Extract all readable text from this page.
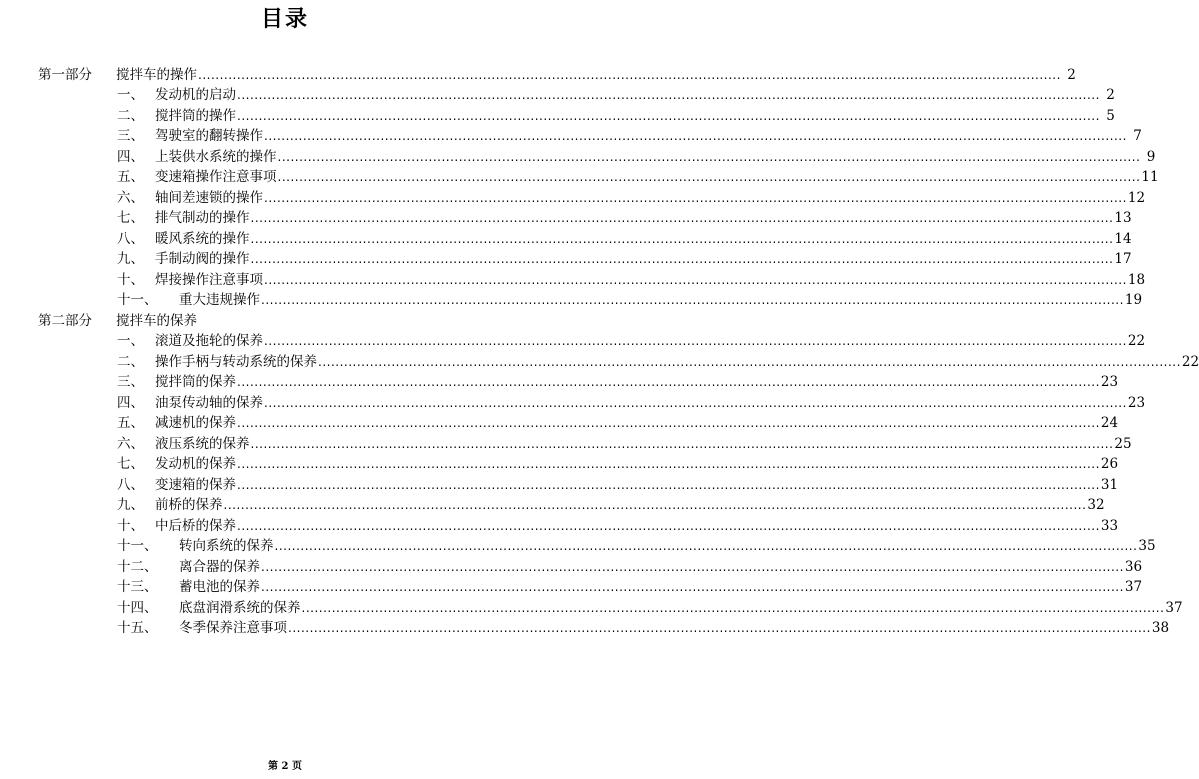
目录
第一部分	搅拌车的操作 ........................................................................................................................................................................................................ 2
一、 发动机的启动 ........................................................................................................................................................................................................ 2
二、 搅拌筒的操作 ........................................................................................................................................................................................................ 5
三、 驾驶室的翻转操作 ........................................................................................................................................................................................................ 7
四、 上装供水系统的操作 ........................................................................................................................................................................................................ 9
五、 变速箱操作注意事项 ........................................................................................................................................................................................................ 11
六、 轴间差速锁的操作 ........................................................................................................................................................................................................ 12
七、 排气制动的操作 ........................................................................................................................................................................................................ 13
八、 暖风系统的操作 ........................................................................................................................................................................................................ 14
九、 手制动阀的操作 ........................................................................................................................................................................................................ 17
十、 焊接操作注意事项 ........................................................................................................................................................................................................ 18
十一、	重大违规操作 ........................................................................................................................................................................................................ 19
第二部分	搅拌车的保养
一、 滚道及拖轮的保养 ........................................................................................................................................................................................................ 22
二、 操作手柄与转动系统的保养 ........................................................................................................................................................................................................ 22
三、 搅拌筒的保养 ........................................................................................................................................................................................................ 23
四、 油泵传动轴的保养 ........................................................................................................................................................................................................ 23
五、 减速机的保养 ........................................................................................................................................................................................................ 24
六、 液压系统的保养 ........................................................................................................................................................................................................ 25
七、 发动机的保养 ........................................................................................................................................................................................................ 26
八、 变速箱的保养 ........................................................................................................................................................................................................ 31
九、 前桥的保养 ........................................................................................................................................................................................................ 32
十、 中后桥的保养 ........................................................................................................................................................................................................ 33
十一、	转向系统的保养 ........................................................................................................................................................................................................ 35
十二、	离合器的保养 ........................................................................................................................................................................................................ 36
十三、	蓄电池的保养 ........................................................................................................................................................................................................ 37
十四、	底盘润滑系统的保养 ........................................................................................................................................................................................................ 37
十五、	冬季保养注意事项 ........................................................................................................................................................................................................ 38
第 2 页
